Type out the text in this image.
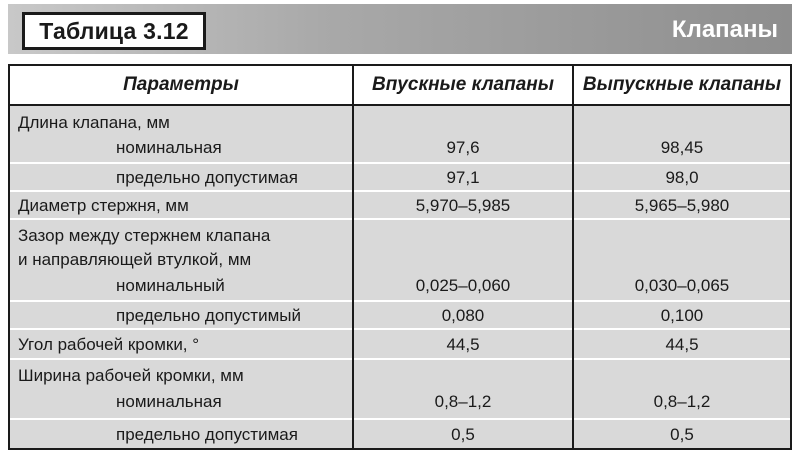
Таблица 3.12	Клапаны
Параметры	Впускные клапаны	Выпускные клапаны
Длина клапана, мм
номинальная	97,6	98,45
предельно допустимая	97,1	98,0
Диаметр стержня, мм	5,970–5,985	5,965–5,980
Зазор между стержнем клапана
и направляющей втулкой, мм
номинальный	0,025–0,060	0,030–0,065
предельно допустимый	0,080	0,100
Угол рабочей кромки, °	44,5	44,5
Ширина рабочей кромки, мм
номинальная	0,8–1,2	0,8–1,2
предельно допустимая	0,5	0,5
